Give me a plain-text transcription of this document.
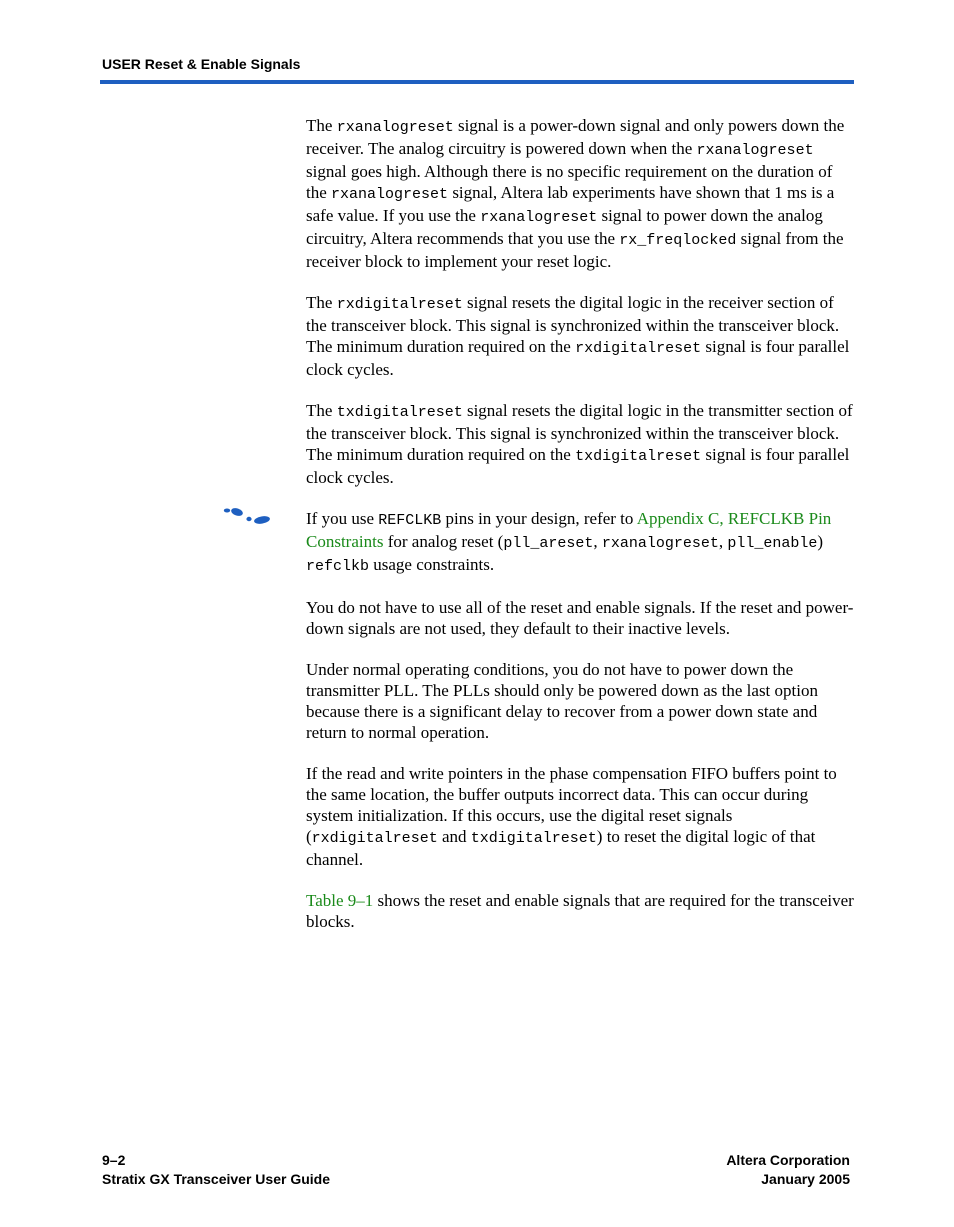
USER Reset & Enable Signals

The rxanalogreset signal is a power-down signal and only powers down the receiver. The analog circuitry is powered down when the rxanalogreset signal goes high. Although there is no specific requirement on the duration of the rxanalogreset signal, Altera lab experiments have shown that 1 ms is a safe value. If you use the rxanalogreset signal to power down the analog circuitry, Altera recommends that you use the rx_freqlocked signal from the receiver block to implement your reset logic.

The rxdigitalreset signal resets the digital logic in the receiver section of the transceiver block. This signal is synchronized within the transceiver block. The minimum duration required on the rxdigitalreset signal is four parallel clock cycles.

The txdigitalreset signal resets the digital logic in the transmitter section of the transceiver block. This signal is synchronized within the transceiver block. The minimum duration required on the txdigitalreset signal is four parallel clock cycles.

If you use REFCLKB pins in your design, refer to Appendix C, REFCLKB Pin Constraints for analog reset (pll_areset, rxanalogreset, pll_enable) refclkb usage constraints.

You do not have to use all of the reset and enable signals. If the reset and power-down signals are not used, they default to their inactive levels.

Under normal operating conditions, you do not have to power down the transmitter PLL. The PLLs should only be powered down as the last option because there is a significant delay to recover from a power down state and return to normal operation.

If the read and write pointers in the phase compensation FIFO buffers point to the same location, the buffer outputs incorrect data. This can occur during system initialization. If this occurs, use the digital reset signals (rxdigitalreset and txdigitalreset) to reset the digital logic of that channel.

Table 9–1 shows the reset and enable signals that are required for the transceiver blocks.

9–2
Stratix GX Transceiver User Guide
Altera Corporation
January 2005
